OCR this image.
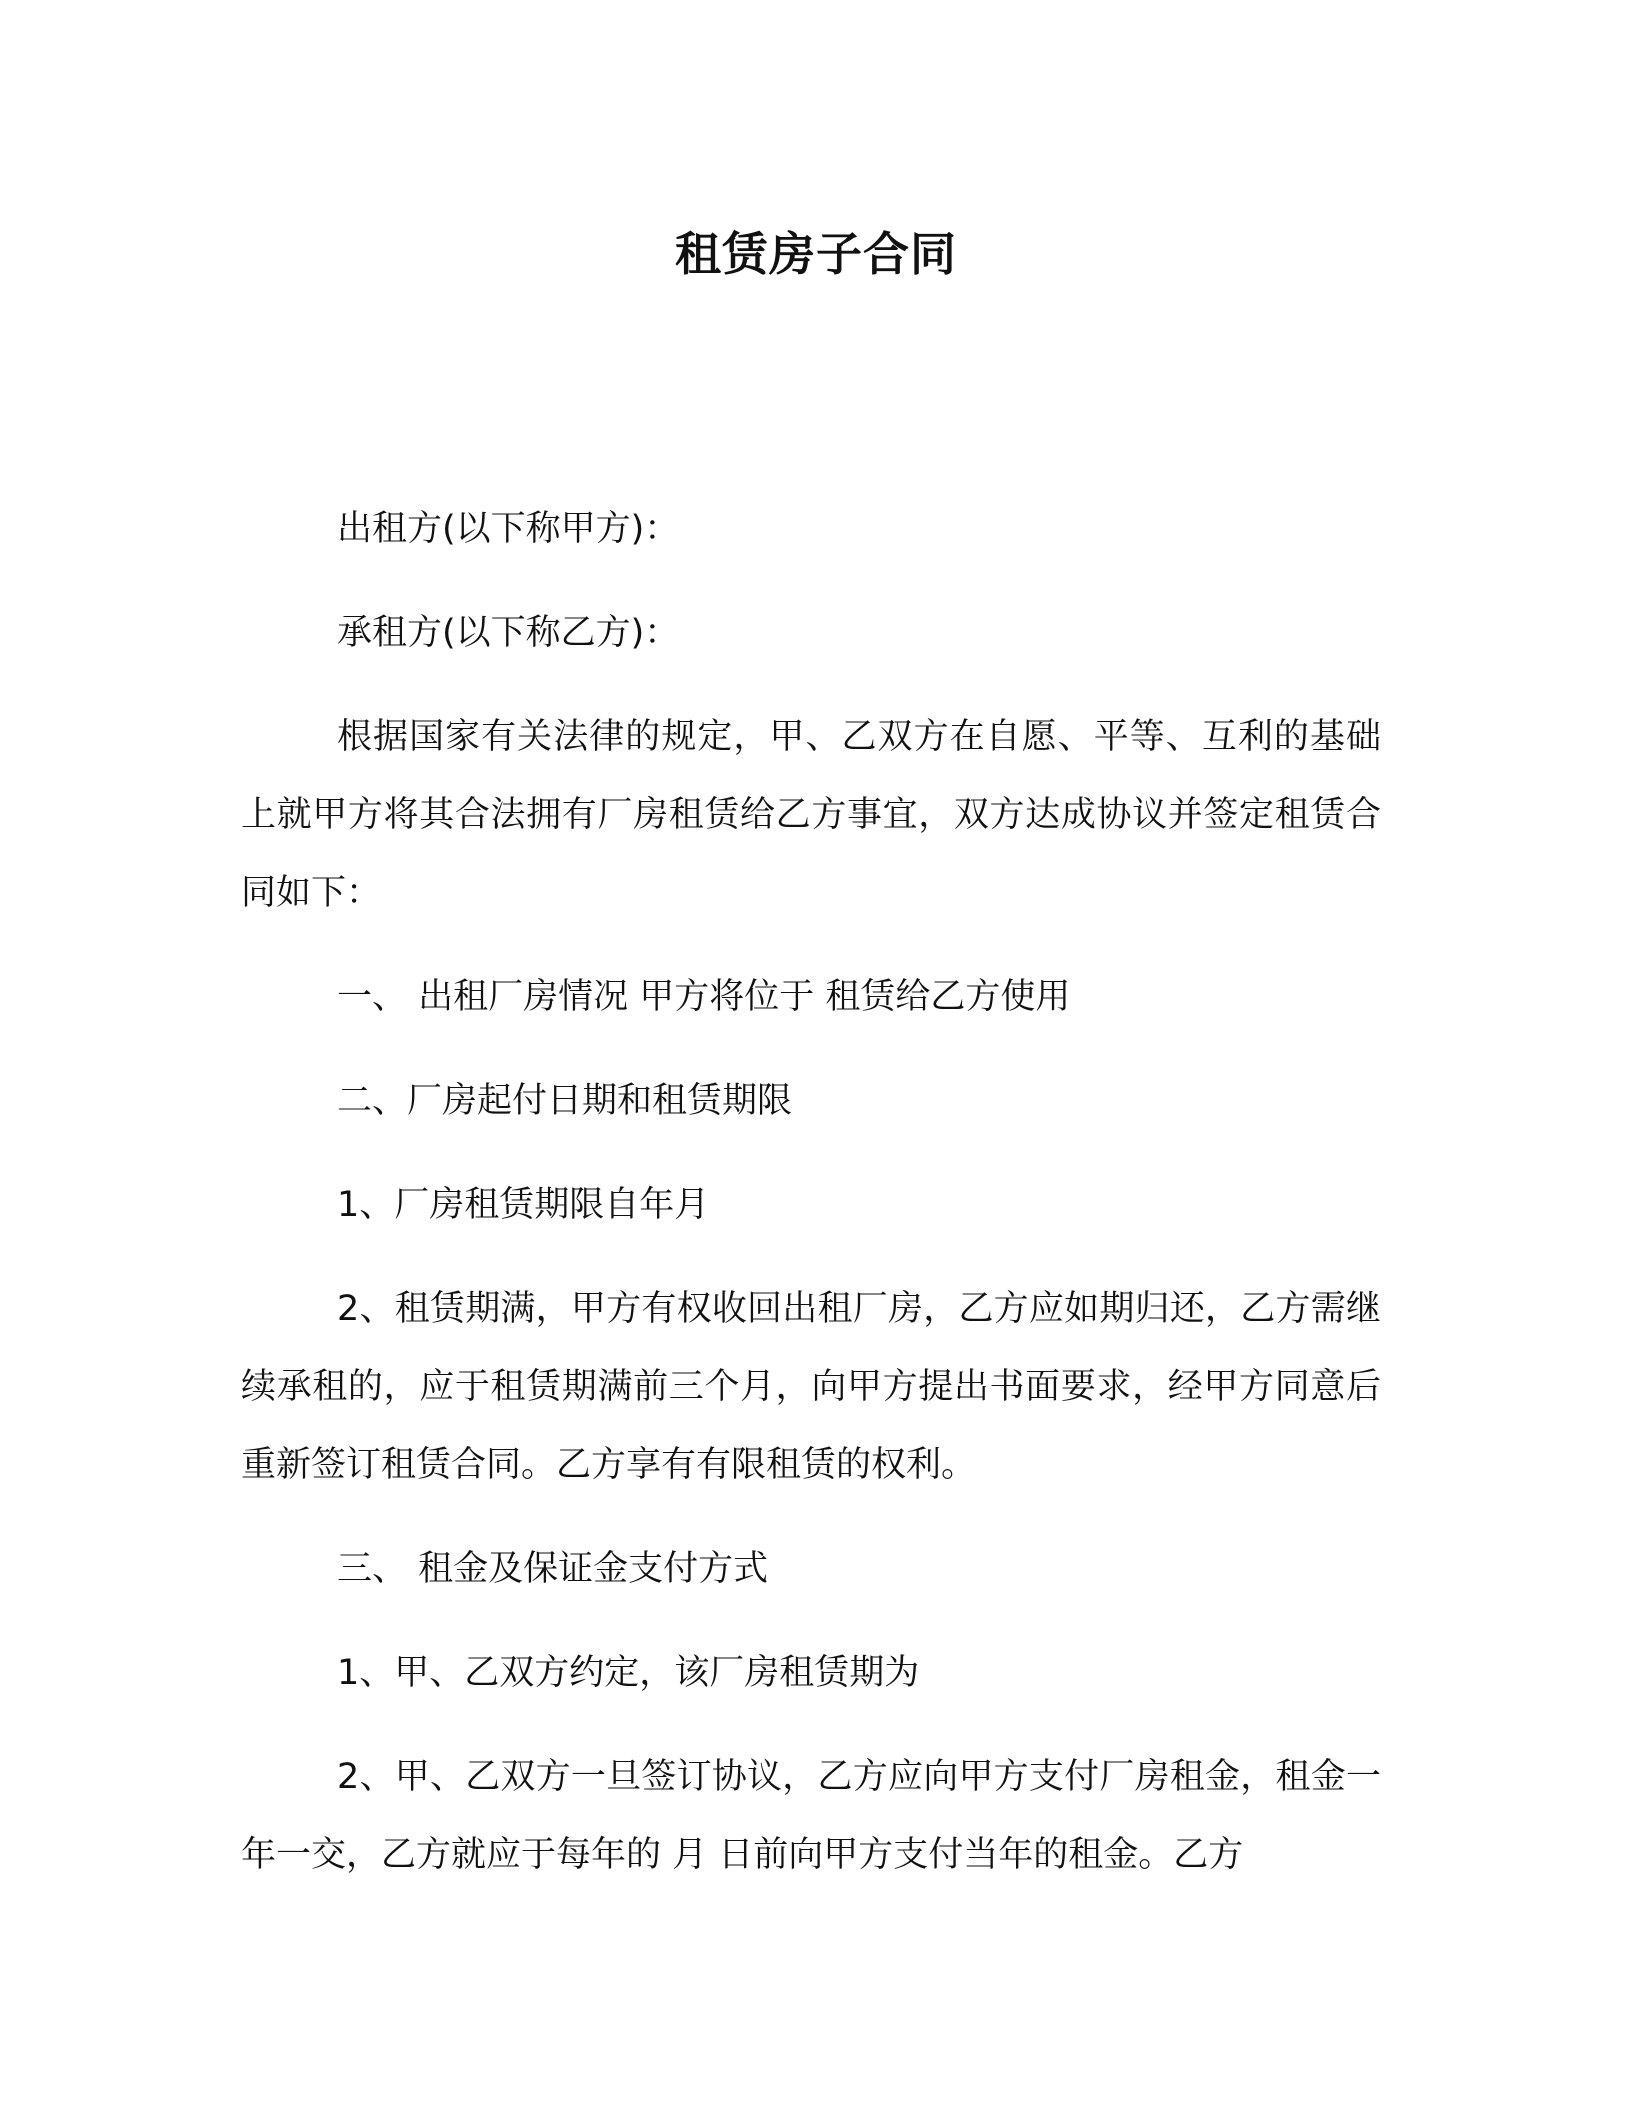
租赁房子合同

出租方(以下称甲方)：

承租方(以下称乙方)：

根据国家有关法律的规定，甲、乙双方在自愿、平等、互利的基础上就甲方将其合法拥有厂房租赁给乙方事宜，双方达成协议并签定租赁合同如下：

一、 出租厂房情况 甲方将位于 租赁给乙方使用

二、厂房起付日期和租赁期限

1、厂房租赁期限自年月

2、租赁期满，甲方有权收回出租厂房，乙方应如期归还，乙方需继续承租的，应于租赁期满前三个月，向甲方提出书面要求，经甲方同意后重新签订租赁合同。乙方享有有限租赁的权利。

三、 租金及保证金支付方式

1、甲、乙双方约定，该厂房租赁期为

2、甲、乙双方一旦签订协议，乙方应向甲方支付厂房租金，租金一年一交，乙方就应于每年的 月 日前向甲方支付当年的租金。乙方
